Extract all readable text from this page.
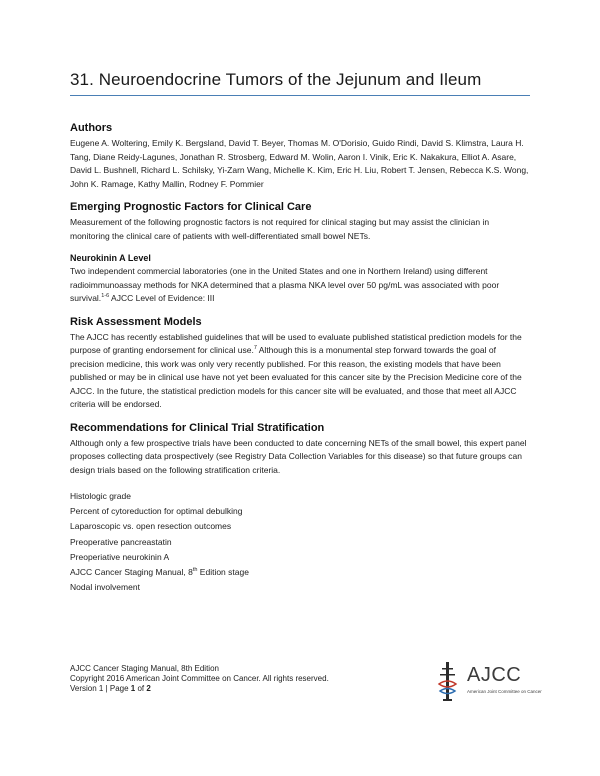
31. Neuroendocrine Tumors of the Jejunum and Ileum
Authors

Eugene A. Woltering, Emily K. Bergsland, David T. Beyer, Thomas M. O'Dorisio, Guido Rindi, David S. Klimstra, Laura H. Tang, Diane Reidy-Lagunes, Jonathan R. Strosberg, Edward M. Wolin, Aaron I. Vinik, Eric K. Nakakura, Elliot A. Asare, David L. Bushnell, Richard L. Schilsky, Yi-Zarn Wang, Michelle K. Kim, Eric H. Liu, Robert T. Jensen, Rebecca K.S. Wong, John K. Ramage, Kathy Mallin, Rodney F. Pommier

Emerging Prognostic Factors for Clinical Care

Measurement of the following prognostic factors is not required for clinical staging but may assist the clinician in monitoring the clinical care of patients with well-differentiated small bowel NETs.

Neurokinin A Level

Two independent commercial laboratories (one in the United States and one in Northern Ireland) using different radioimmunoassay methods for NKA determined that a plasma NKA level over 50 pg/mL was associated with poor survival.$^{1-6}$ AJCC Level of Evidence: III

Risk Assessment Models

The AJCC has recently established guidelines that will be used to evaluate published statistical prediction models for the purpose of granting endorsement for clinical use.$^7$ Although this is a monumental step forward towards the goal of precision medicine, this work was only very recently published. For this reason, the existing models that have been published or may be in clinical use have not yet been evaluated for this cancer site by the Precision Medicine core of the AJCC. In the future, the statistical prediction models for this cancer site will be evaluated, and those that meet all AJCC criteria will be endorsed.

Recommendations for Clinical Trial Stratification

Although only a few prospective trials have been conducted to date concerning NETs of the small bowel, this expert panel proposes collecting data prospectively (see Registry Data Collection Variables for this disease) so that future groups can design trials based on the following stratification criteria.

Histologic grade
Percent of cytoreduction for optimal debulking
Laparoscopic vs. open resection outcomes
Preoperative pancreastatin
Preoperiative neurokinin A
AJCC Cancer Staging Manual, 8th Edition stage
Nodal involvement
AJCC Cancer Staging Manual, 8th Edition
Copyright 2016 American Joint Committee on Cancer. All rights reserved.
Version 1 | Page 1 of 2
AJCC
American Joint Committee on Cancer
